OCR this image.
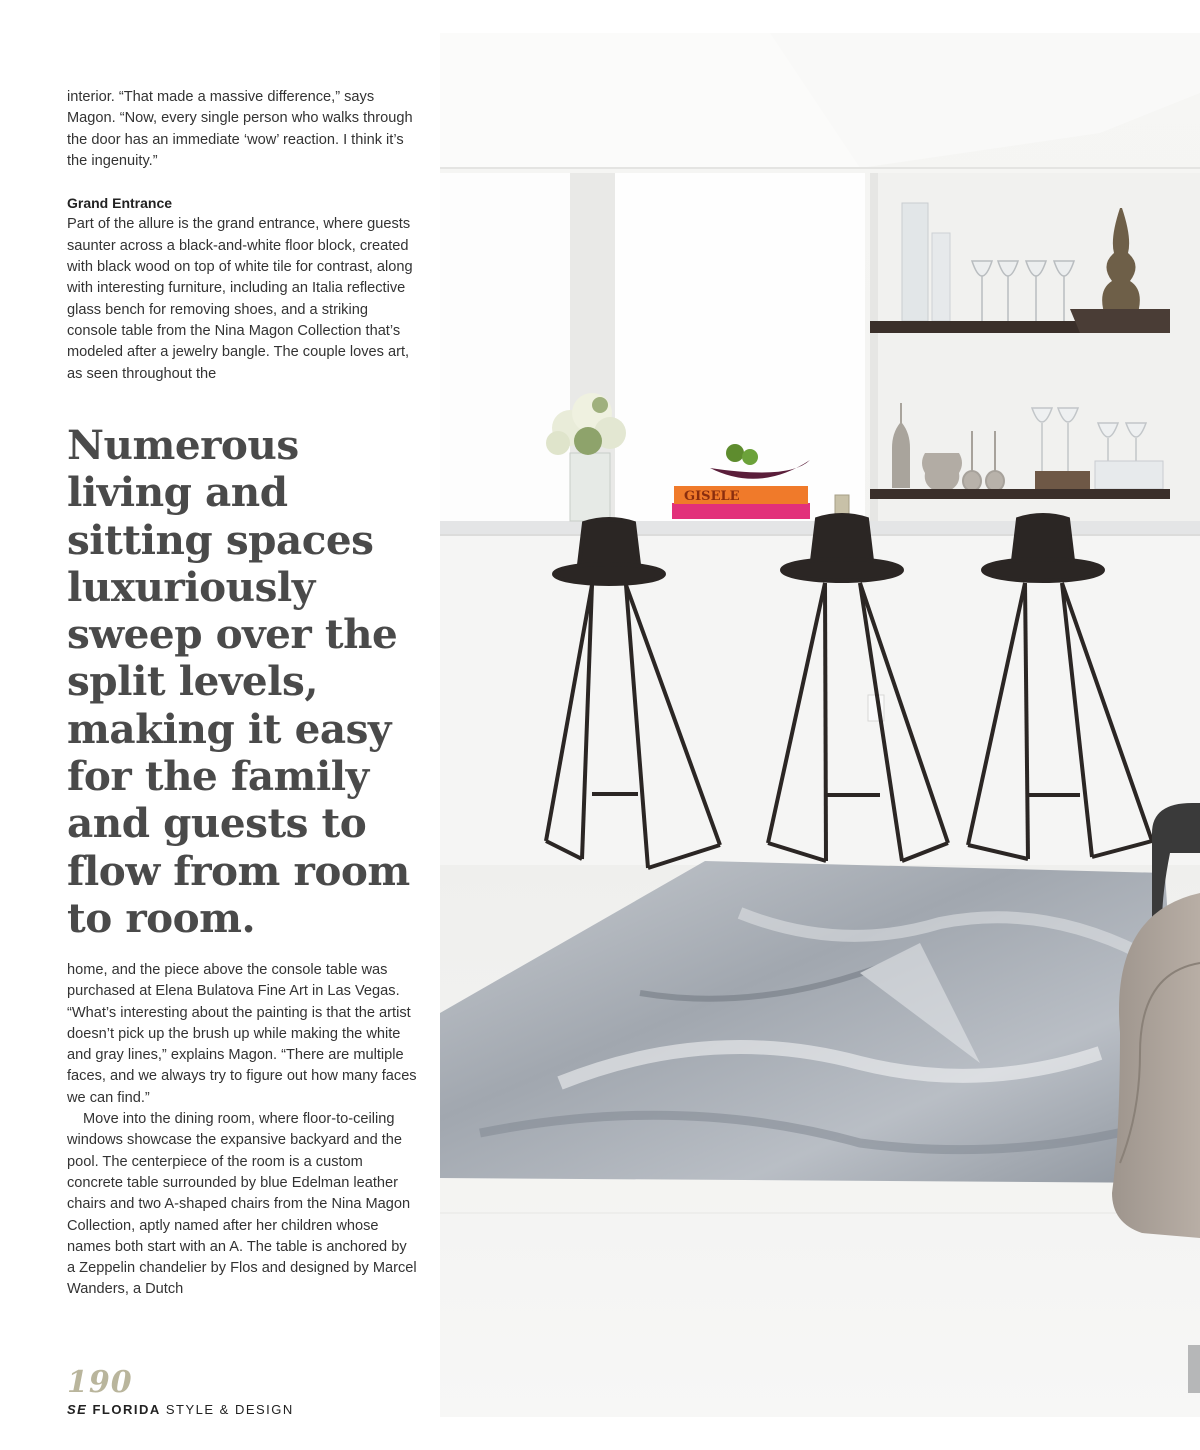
interior. “That made a massive difference,” says Magon. “Now, every single person who walks through the door has an immediate ‘wow’ reaction. I think it’s the ingenuity.”

Grand Entrance

Part of the allure is the grand entrance, where guests saunter across a black-and-white floor block, created with black wood on top of white tile for contrast, along with interesting furniture, including an Italia reflective glass bench for removing shoes, and a striking console table from the Nina Magon Collection that’s modeled after a jewelry bangle. The couple loves art, as seen throughout the

Numerous living and sitting spaces luxuriously sweep over the split levels, making it easy for the family and guests to flow from room to room.

home, and the piece above the console table was purchased at Elena Bulatova Fine Art in Las Vegas. “What’s interesting about the painting is that the artist doesn’t pick up the brush up while making the white and gray lines,” explains Magon. “There are multiple faces, and we always try to figure out how many faces we can find.”

Move into the dining room, where floor-to-ceiling windows showcase the expansive backyard and the pool. The centerpiece of the room is a custom concrete table surrounded by blue Edelman leather chairs and two A-shaped chairs from the Nina Magon Collection, aptly named after her children whose names both start with an A. The table is anchored by a Zeppelin chandelier by Flos and designed by Marcel Wanders, a Dutch

190
SE FLORIDA STYLE & DESIGN
GISELE
